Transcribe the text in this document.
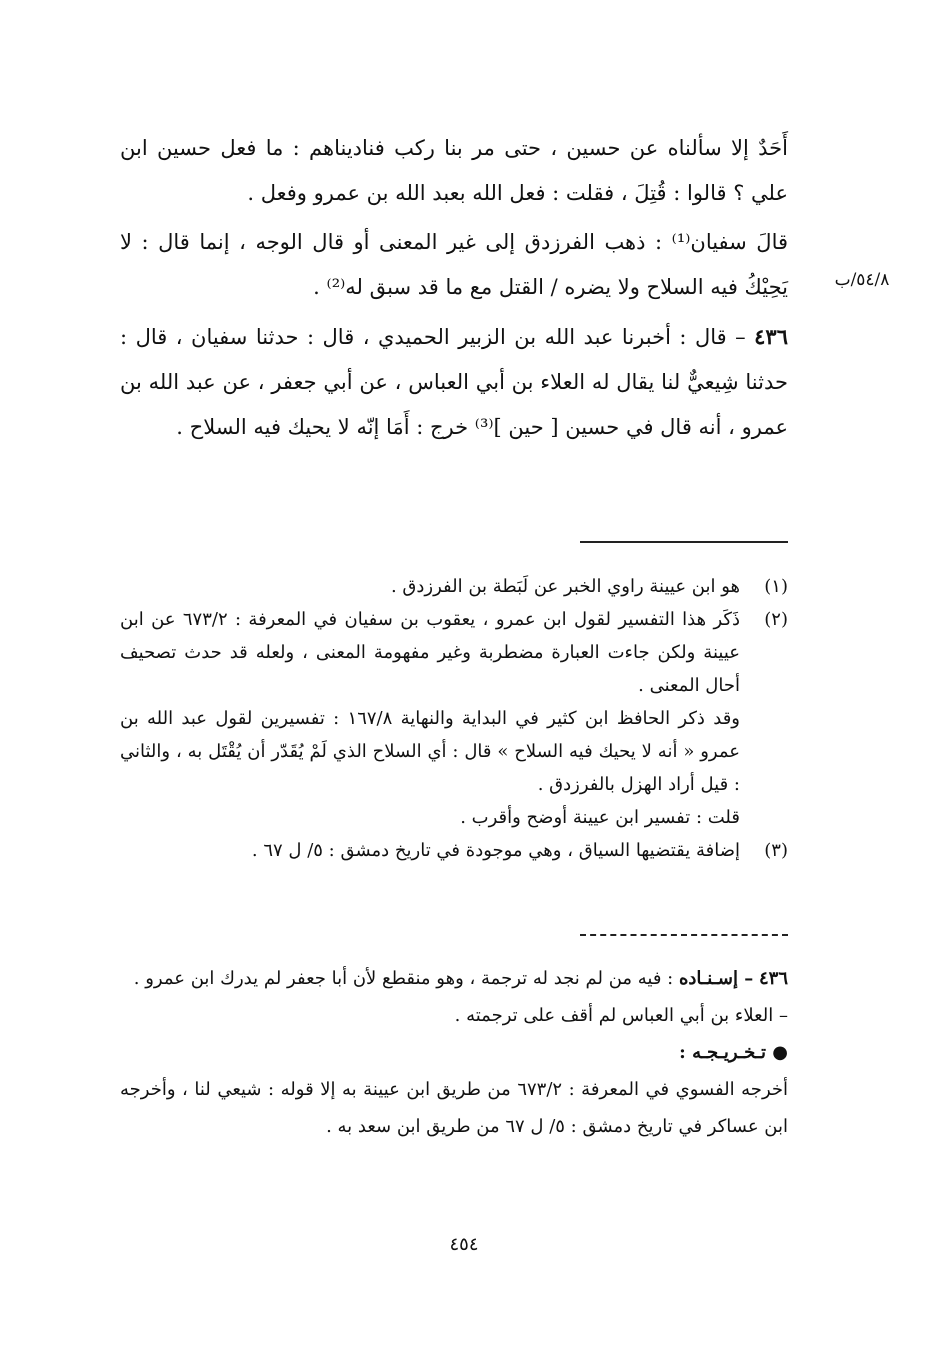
أَحَدٌ إلا سألناه عن حسين ، حتى مر بنا ركب فناديناهم : ما فعل حسين ابن علي ؟ قالوا : قُتِلَ ، فقلت : فعل الله بعبد الله بن عمرو وفعل .

قالَ سفيان⁽¹⁾ : ذهب الفرزدق إلى غير المعنى أو قال الوجه ، إنما قال : لا يَحِيْكُ فيه السلاح ولا يضره / القتل مع ما قد سبق له⁽²⁾ .

٤٣٦ – قال : أخبرنا عبد الله بن الزبير الحميدي ، قال : حدثنا سفيان ، قال : حدثنا شِيعيٌّ لنا يقال له العلاء بن أبي العباس ، عن أبي جعفر ، عن عبد الله بن عمرو ، أنه قال في حسين [ حين ]⁽³⁾ خرج : أَمَا إنّه لا يحيك فيه السلاح .

٥٤/٨/ب
(١)
هو ابن عيينة راوي الخبر عن لَبَطة بن الفرزدق .
(٢)
ذَكَر هذا التفسير لقول ابن عمرو ، يعقوب بن سفيان في المعرفة : ٦٧٣/٢ عن ابن عيينة ولكن جاءت العبارة مضطربة وغير مفهومة المعنى ، ولعله قد حدث تصحيف أحال المعنى .
وقد ذكر الحافظ ابن كثير في البداية والنهاية ١٦٧/٨ : تفسيرين لقول عبد الله بن عمرو « أنه لا يحيك فيه السلاح » قال : أي السلاح الذي لَمْ يُقَدّر أن يُقْتَل به ، والثاني : قيل أراد الهزل بالفرزدق .
قلت : تفسير ابن عيينة أوضح وأقرب .
(٣)
إضافة يقتضيها السياق ، وهي موجودة في تاريخ دمشق : ٥/ ل ٦٧ .

٤٣٦ – إسـنـاده : فيه من لم نجد له ترجمة ، وهو منقطع لأن أبا جعفر لم يدرك ابن عمرو .

– العلاء بن أبي العباس لم أقف على ترجمته .

● تـخـريـجـه :

أخرجه الفسوي في المعرفة : ٦٧٣/٢ من طريق ابن عيينة به إلا قوله : شيعي لنا ، وأخرجه ابن عساكر في تاريخ دمشق : ٥/ ل ٦٧ من طريق ابن سعد به .

٤٥٤
